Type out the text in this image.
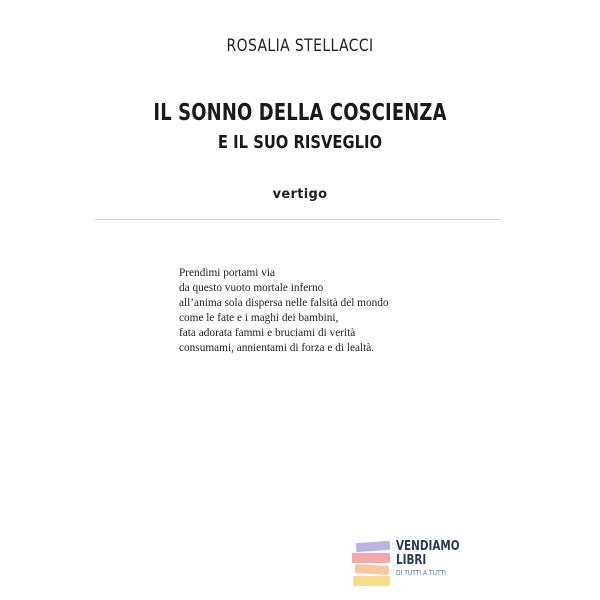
ROSALIA STELLACCI
IL SONNO DELLA COSCIENZA
E IL SUO RISVEGLIO
vertigo
Prendimi portami via
da questo vuoto mortale inferno
all’anima sola dispersa nelle falsità del mondo
come le fate e i maghi dei bambini,
fata adorata fammi e bruciami di verità
consumami, annientami di forza e di lealtà.
VENDIAMO
LIBRI
DI TUTTI A TUTTI
